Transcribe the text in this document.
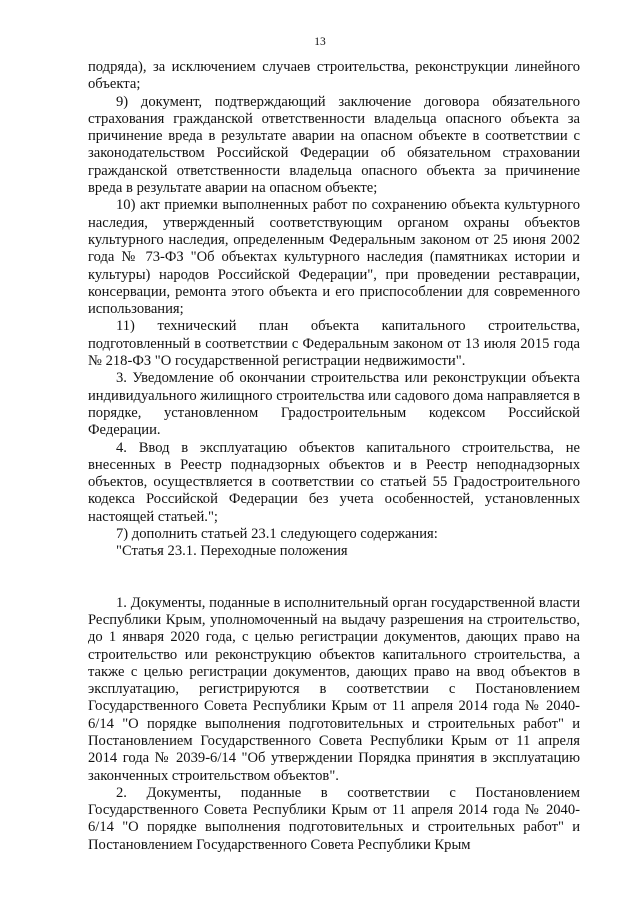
13

подряда), за исключением случаев строительства, реконструкции линейного объекта;

9) документ, подтверждающий заключение договора обязательного страхования гражданской ответственности владельца опасного объекта за причинение вреда в результате аварии на опасном объекте в соответствии с законодательством Российской Федерации об обязательном страховании гражданской ответственности владельца опасного объекта за причинение вреда в результате аварии на опасном объекте;

10) акт приемки выполненных работ по сохранению объекта культурного наследия, утвержденный соответствующим органом охраны объектов культурного наследия, определенным Федеральным законом от 25 июня 2002 года № 73-ФЗ "Об объектах культурного наследия (памятниках истории и культуры) народов Российской Федерации", при проведении реставрации, консервации, ремонта этого объекта и его приспособлении для современного использования;

11) технический план объекта капитального строительства, подготовленный в соответствии с Федеральным законом от 13 июля 2015 года № 218-ФЗ "О государственной регистрации недвижимости".

3. Уведомление об окончании строительства или реконструкции объекта индивидуального жилищного строительства или садового дома направляется в порядке, установленном Градостроительным кодексом Российской Федерации.

4. Ввод в эксплуатацию объектов капитального строительства, не внесенных в Реестр поднадзорных объектов и в Реестр неподнадзорных объектов, осуществляется в соответствии со статьей 55 Градостроительного кодекса Российской Федерации без учета особенностей, установленных настоящей статьей.";

7) дополнить статьей 23.1 следующего содержания:

"Статья 23.1. Переходные положения

1. Документы, поданные в исполнительный орган государственной власти Республики Крым, уполномоченный на выдачу разрешения на строительство, до 1 января 2020 года, с целью регистрации документов, дающих право на строительство или реконструкцию объектов капитального строительства, а также с целью регистрации документов, дающих право на ввод объектов в эксплуатацию, регистрируются в соответствии с Постановлением Государственного Совета Республики Крым от 11 апреля 2014 года № 2040-6/14 "О порядке выполнения подготовительных и строительных работ" и Постановлением Государственного Совета Республики Крым от 11 апреля 2014 года № 2039-6/14 "Об утверждении Порядка принятия в эксплуатацию законченных строительством объектов".

2. Документы, поданные в соответствии с Постановлением Государственного Совета Республики Крым от 11 апреля 2014 года № 2040-6/14 "О порядке выполнения подготовительных и строительных работ" и Постановлением Государственного Совета Республики Крым
